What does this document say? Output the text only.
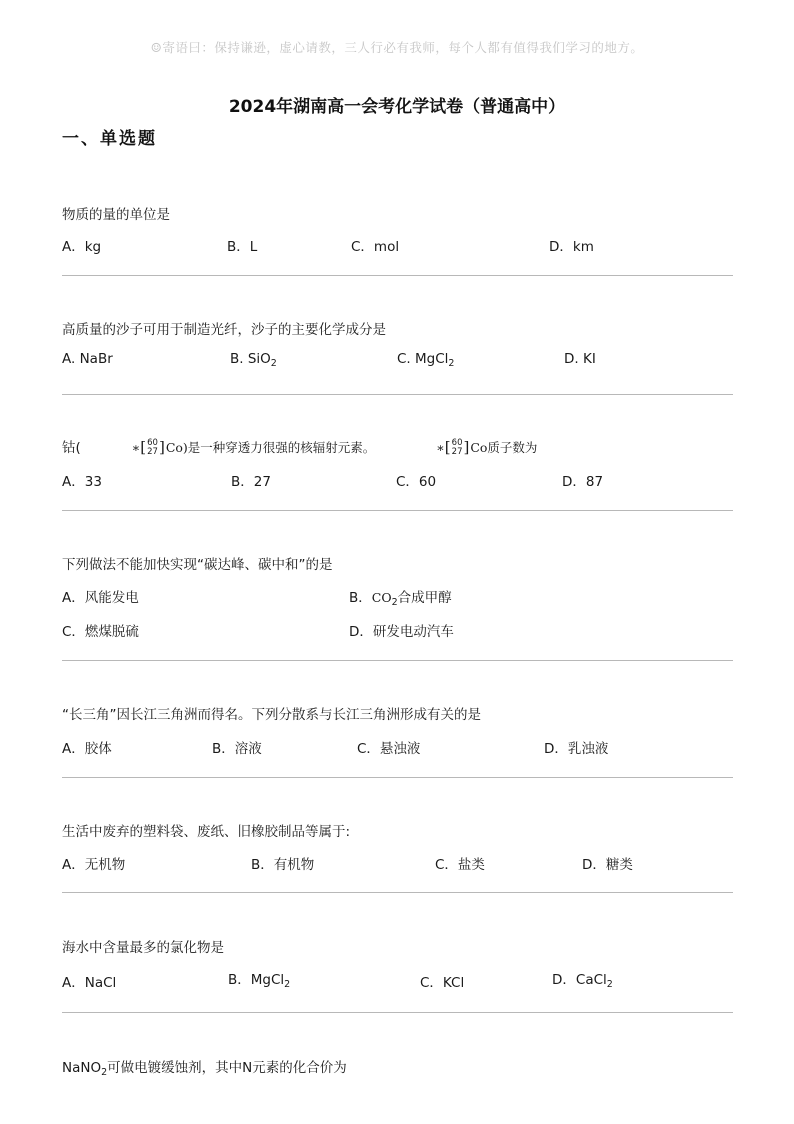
☺寄语曰：保持谦逊，虚心请教，三人行必有我师，每个人都有值得我们学习的地方。
2024年湖南高一会考化学试卷（普通高中）
一、单选题
物质的量的单位是
A．kg	B．L	C．mol	D．km
高质量的沙子可用于制造光纤，沙子的主要化学成分是
A. NaBr	B. SiO$_2$	C. MgCl$_2$	D. KI
钴(	∗ [ 60
27 ] Co)是一种穿透力很强的核辐射元素。	∗ [ 60
27 ] Co质子数为
A．33	B．27	C．60	D．87
下列做法不能加快实现“碳达峰、碳中和”的是
A．风能发电	B．$CO_2$合成甲醇
C．燃煤脱硫	D．研发电动汽车
“长三角”因长江三角洲而得名。下列分散系与长江三角洲形成有关的是
A．胶体	B．溶液	C．悬浊液	D．乳浊液
生活中废弃的塑料袋、废纸、旧橡胶制品等属于:
A．无机物	B．有机物	C．盐类	D．糖类
海水中含量最多的氯化物是
A．NaCl	B．MgCl$_2$	C．KCl	D．CaCl$_2$
NaNO$_2$可做电镀缓蚀剂，其中N元素的化合价为
